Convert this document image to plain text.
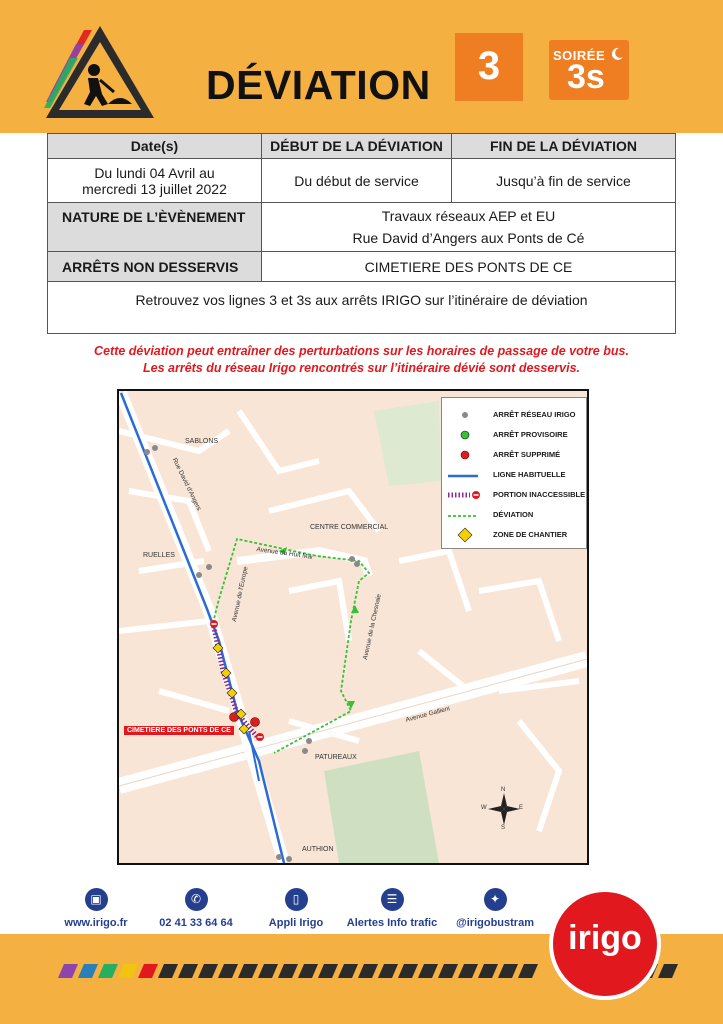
DÉVIATION	3	SOIRÉE
3s
Date(s)	DÉBUT DE LA DÉVIATION	FIN DE LA DÉVIATION

Du lundi 04 Avril au
mercredi 13 juillet 2022	Du début de service	Jusqu’à fin de service
NATURE DE L’ÈVÈNEMENT	Travaux réseaux AEP et EU
Rue David d’Angers aux Ponts de Cé	

ARRÊTS NON DESSERVIS	CIMETIERE DES PONTS DE CE	
Retrouvez vos lignes 3 et 3s aux arrêts IRIGO sur l’itinéraire de déviation		
Cette déviation peut entraîner des perturbations sur les horaires de passage de votre bus.
Les arrêts du réseau Irigo rencontrés sur l’itinéraire dévié sont desservis.
ARRÊT RÉSEAU IRIGO
ARRÊT PROVISOIRE
ARRÊT SUPPRIMÉ
LIGNE HABITUELLE
PORTION INACCESSIBLE
DÉVIATION
ZONE DE CHANTIER
SABLONS
RUELLES
CENTRE COMMERCIAL
PATUREAUX
AUTHION
CIMETIERE DES PONTS DE CE
Rue David d'Angers
Avenue de l'Europe
Avenue du Huit Mai
Avenue de la Chesnaie
Avenue Gallieni
N
S
E
W
▣
www.irigo.fr
✆
02 41 33 64 64
▯
Appli Irigo
☰
Alertes Info trafic
✦
@irigobustram	irigo
